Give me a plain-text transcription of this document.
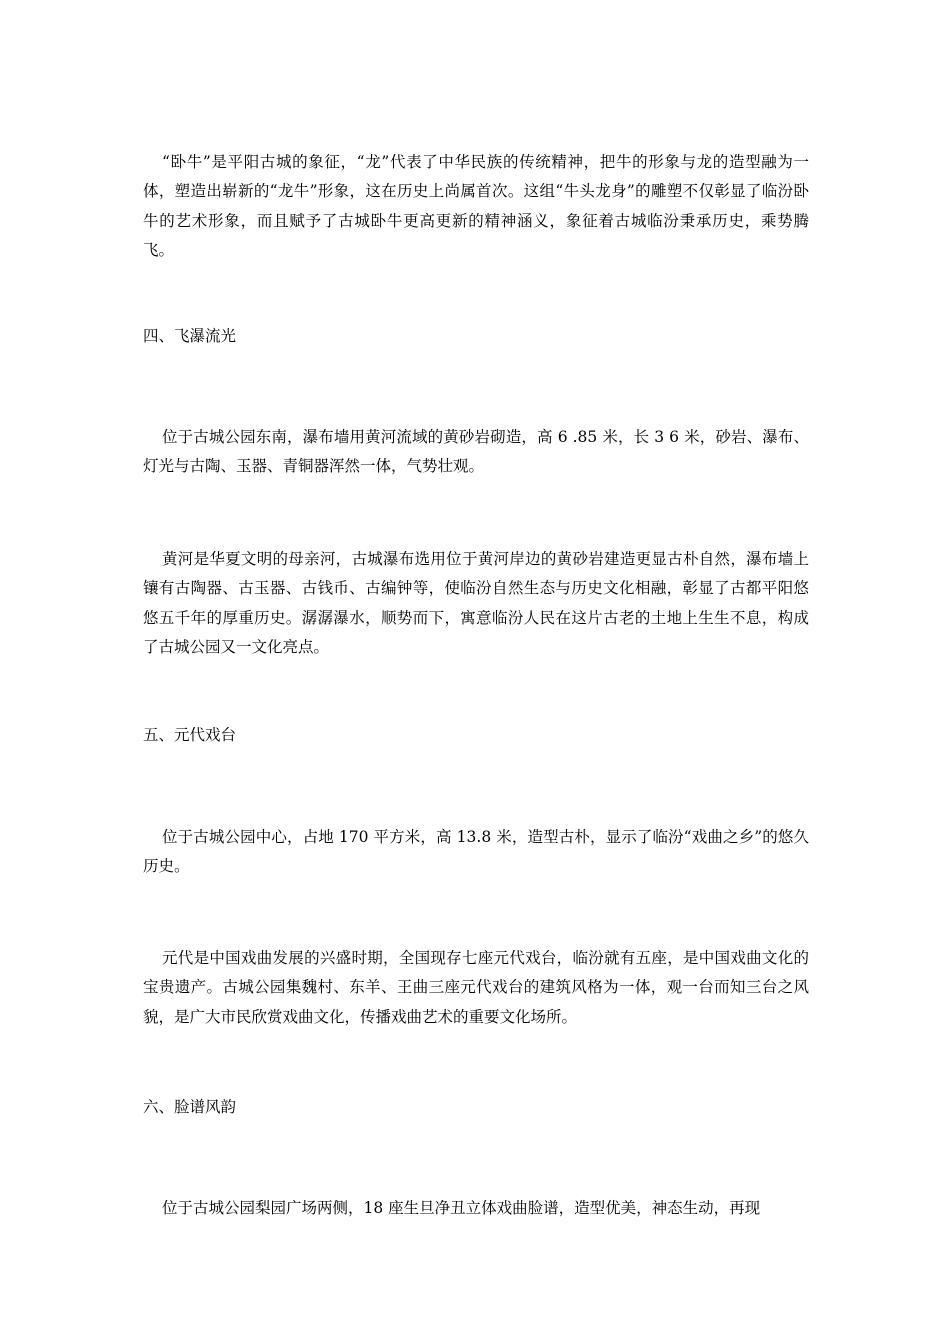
“卧牛”是平阳古城的象征，“龙”代表了中华民族的传统精神，把牛的形象与龙的造型融为一体，塑造出崭新的“龙牛”形象，这在历史上尚属首次。这组“牛头龙身”的雕塑不仅彰显了临汾卧牛的艺术形象，而且赋予了古城卧牛更高更新的精神涵义，象征着古城临汾秉承历史，乘势腾飞。

四、飞瀑流光

位于古城公园东南，瀑布墙用黄河流域的黄砂岩砌造，高 6 .85 米，长 3 6 米，砂岩、瀑布、灯光与古陶、玉器、青铜器浑然一体，气势壮观。

黄河是华夏文明的母亲河，古城瀑布选用位于黄河岸边的黄砂岩建造更显古朴自然，瀑布墙上镶有古陶器、古玉器、古钱币、古编钟等，使临汾自然生态与历史文化相融，彰显了古都平阳悠悠五千年的厚重历史。潺潺瀑水，顺势而下，寓意临汾人民在这片古老的土地上生生不息，构成了古城公园又一文化亮点。

五、元代戏台

位于古城公园中心，占地 170 平方米，高 13.8 米，造型古朴，显示了临汾“戏曲之乡”的悠久历史。

元代是中国戏曲发展的兴盛时期，全国现存七座元代戏台，临汾就有五座，是中国戏曲文化的宝贵遗产。古城公园集魏村、东羊、王曲三座元代戏台的建筑风格为一体，观一台而知三台之风貌，是广大市民欣赏戏曲文化，传播戏曲艺术的重要文化场所。

六、脸谱风韵

位于古城公园梨园广场两侧，18 座生旦净丑立体戏曲脸谱，造型优美，神态生动，再现
